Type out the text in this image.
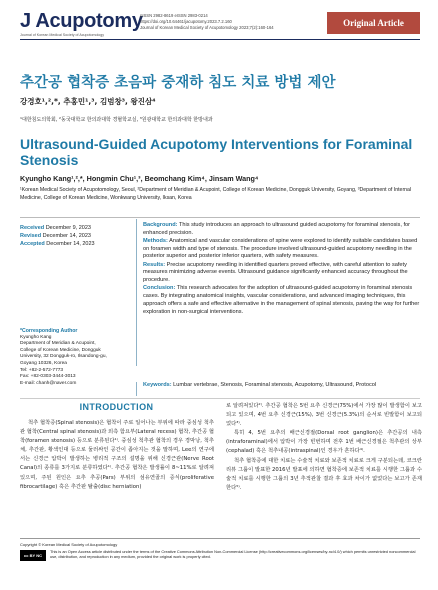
J Acupotomy
Journal of Korean Medical Society of Acupotomology
pISSN 2982-8619 eISSN 2983-0214
https://doi.org/10.64461/jacupotomy.2023.7.2.160
Journal of Korean Medical Society of Acupotomology 2023;7(2):160-164	Original Article
추간공 협착증 초음파 중재하 침도 치료 방법 제안
강경호¹,²,*, 추홍민¹,³, 김범창³, 왕진삼⁴
¹대한침도의학회, ²동국대학교 한의과대학 경혈학교실, ³원광대학교 한의과대학 한방내과
Ultrasound-Guided Acupotomy Interventions for Foraminal Stenosis
Kyungho Kang¹,²,*, Hongmin Chu¹,³, Beomchang Kim⁴, Jinsam Wang⁴
¹Korean Medical Society of Acupotomology, Seoul, ²Department of Meridian & Acupoint, College of Korean Medicine, Dongguk University, Goyang, ³Department of Internal Medicine, College of Korean Medicine, Wonkwang University, Iksan, Korea
Received December 9, 2023
Revised December 14, 2023
Accepted December 14, 2023
*Corresponding Author
Kyungho Kang
Department of Meridian & Acupoint,
College of Korean Medicine, Dongguk
University, 32 Dongguk-ro, Ilsandong-gu,
Goyang 10326, Korea
Tel: +82-2-572-7773
Fax: +82-0303-3444-3013
E-mail: chanh@naver.com

Background: This study introduces an approach to ultrasound guided acupotomy for foraminal stenosis, for enhanced precision.

Methods: Anatomical and vascular considerations of spine were explored to identify suitable candidates based on foramen width and type of stenosis. The procedure involved ultrasound-guided acupotomy needling in the posterior superior and posterior inferior quarters, with safety measures.

Results: Precise acupotomy needling in identified quarters proved effective, with careful attention to safety measures minimizing adverse events. Ultrasound guidance significantly enhanced accuracy throughout the procedure.

Conclusion: This research advocates for the adoption of ultrasound-guided acupotomy in foraminal stenosis cases. By integrating anatomical insights, vascular considerations, and advanced imaging techniques, this approach offers a safe and effective alternative in the management of spinal stenosis, paving the way for further exploration in non-surgical interventions.

Keywords: Lumbar vertebrae, Stenosis, Foraminal stenosis, Acupotomy, Ultrasound, Protocol
INTRODUCTION
척추 협착증(Spinal stenosis)은 협착이 주로 일어나는 부위에 따라 중심성 척추관 협착(Central spinal stenosis)과 외측 함요부(Lateral recess) 협착, 추간공 협착(foramen stenosis) 등으로 분류된다¹⁾. 중심성 척추관 협착의 경우 경막낭, 척추체, 추간판, 황색인대 등으로 둘러싸인 공간이 좁아지는 것을 말하며, Lee의 연구에서는 신경근 압박이 발생하는 병리적 구조의 설명을 위해 신경근관(Nerve Root Canal)의 종류를 3가지로 분류하였다¹⁾. 추간공 협착은 발생률이 8~11%로 알려져 있으며, 주된 원인은 요추 추공(Pars) 부위의 섬유연골의 증식(proliferative fibrocartilage) 혹은 추간판 탈출(disc herniation)
로 알려져있다²⁾. 추간공 협착은 5번 요추 신경근(75%)에서 가장 많이 발생함이 보고되고 있으며, 4번 요추 신경근(15%), 3번 신경근(5.3%)의 순서로 빈발함이 보고되었다³⁾.
특히 4, 5번 요추의 배근신경절(Dorsal root ganglion)은 추간공의 내측(intraforaminal)에서 압박이 가장 빈번하며 전후 1번 배근신경절은 척추관의 상부(cephalad) 혹은 척추내공(intraspinal)인 경우가 흔하다⁴⁾.
척추 협착증에 대한 치료는 수술적 치료와 보존적 치료로 크게 구분되는데, 코크란 리뷰 그룹이 발표한 2016년 발표에 의하면 협착증에 보존적 치료를 시행한 그룹과 수술적 치료를 시행한 그룹의 3년 추적관찰 결과 후 효과 차이가 없었다는 보고가 존재한다⁵⁾.
Copyright © Korean Medical Society of Acupotomology
cc BY NC
This is an Open Access article distributed under the terms of the Creative Commons Attribution Non-Commercial License (http://creativecommons.org/licenses/by-nc/4.0/) which permits unrestricted noncommercial use, distribution, and reproduction in any medium, provided the original work is properly cited.
